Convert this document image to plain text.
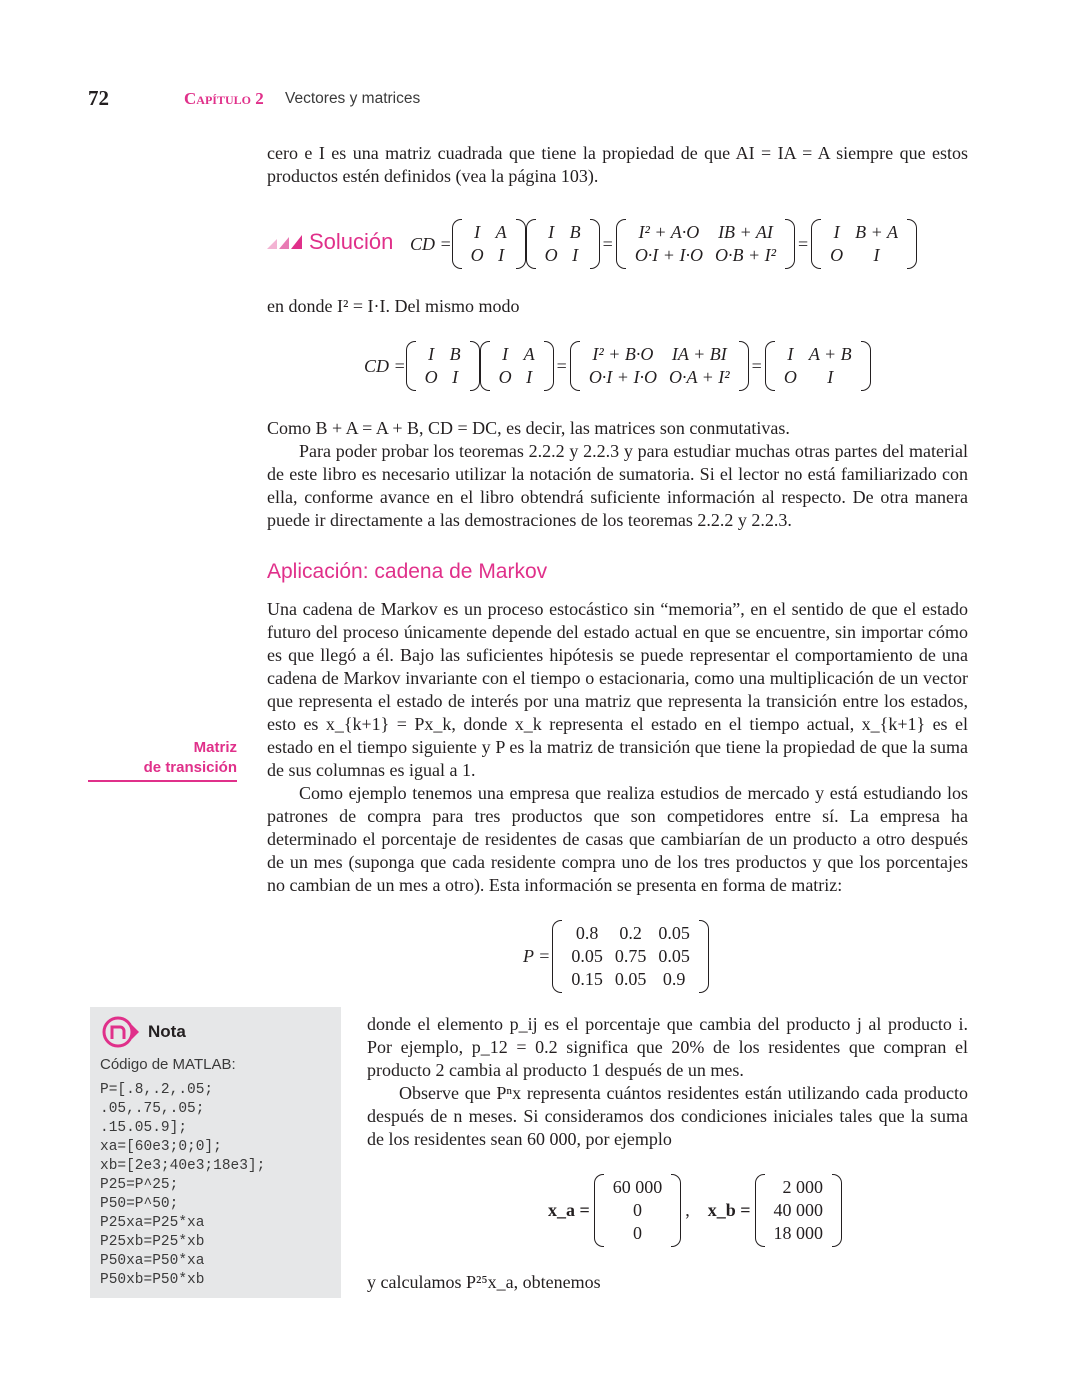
72	Capítulo 2 Vectores y matrices
cero e I es una matriz cuadrada que tiene la propiedad de que AI = IA = A siempre que estos productos estén definidos (vea la página 103).
Solución CD =
I	A
O	I
I	B
O	I
=
I² + A·O	IB + AI
O·I + I·O	O·B + I²
=
I	B + A
O	I
en donde I² = I·I. Del mismo modo
CD =
I	B
O	I
I	A
O	I
=
I² + B·O	IA + BI
O·I + I·O	O·A + I²
=
I	A + B
O	I

Como B + A = A + B, CD = DC, es decir, las matrices son conmutativas.

Para poder probar los teoremas 2.2.2 y 2.2.3 y para estudiar muchas otras partes del material de este libro es necesario utilizar la notación de sumatoria. Si el lector no está familiarizado con ella, conforme avance en el libro obtendrá suficiente información al respecto. De otra manera puede ir directamente a las demostraciones de los teoremas 2.2.2 y 2.2.3.

Aplicación: cadena de Markov
Matriz
de transición

Una cadena de Markov es un proceso estocástico sin “memoria”, en el sentido de que el estado futuro del proceso únicamente depende del estado actual en que se encuentre, sin importar cómo es que llegó a él. Bajo las suficientes hipótesis se puede representar el comportamiento de una cadena de Markov invariante con el tiempo o estacionaria, como una multiplicación de un vector que representa el estado de interés por una matriz que representa la transición entre los estados, esto es x_{k+1} = Px_k, donde x_k representa el estado en el tiempo actual, x_{k+1} es el estado en el tiempo siguiente y P es la matriz de transición que tiene la propiedad de que la suma de sus columnas es igual a 1.

Como ejemplo tenemos una empresa que realiza estudios de mercado y está estudiando los patrones de compra para tres productos que son competidores entre sí. La empresa ha determinado el porcentaje de residentes de casas que cambiarían de un producto a otro después de un mes (suponga que cada residente compra uno de los tres productos y que los porcentajes no cambian de un mes a otro). Esta información se presenta en forma de matriz:

P =
0.8	0.2	0.05
0.05	0.75	0.05
0.15	0.05	0.9
Nota
Código de MATLAB:
P=[.8,.2,.05;
.05,.75,.05;
.15.05.9];
xa=[60e3;0;0];
xb=[2e3;40e3;18e3];
P25=P^25;
P50=P^50;
P25xa=P25*xa
P25xb=P25*xb
P50xa=P50*xa
P50xb=P50*xb

donde el elemento p_ij es el porcentaje que cambia del producto j al producto i. Por ejemplo, p_12 = 0.2 significa que 20% de los residentes que compran el producto 2 cambia al producto 1 después de un mes.

Observe que Pⁿx representa cuántos residentes están utilizando cada producto después de n meses. Si consideramos dos condiciones iniciales tales que la suma de los residentes sean 60 000, por ejemplo

x_a =
60 000
0
0
, x_b =
2 000
40 000
18 000
y calculamos P²⁵x_a, obtenemos
